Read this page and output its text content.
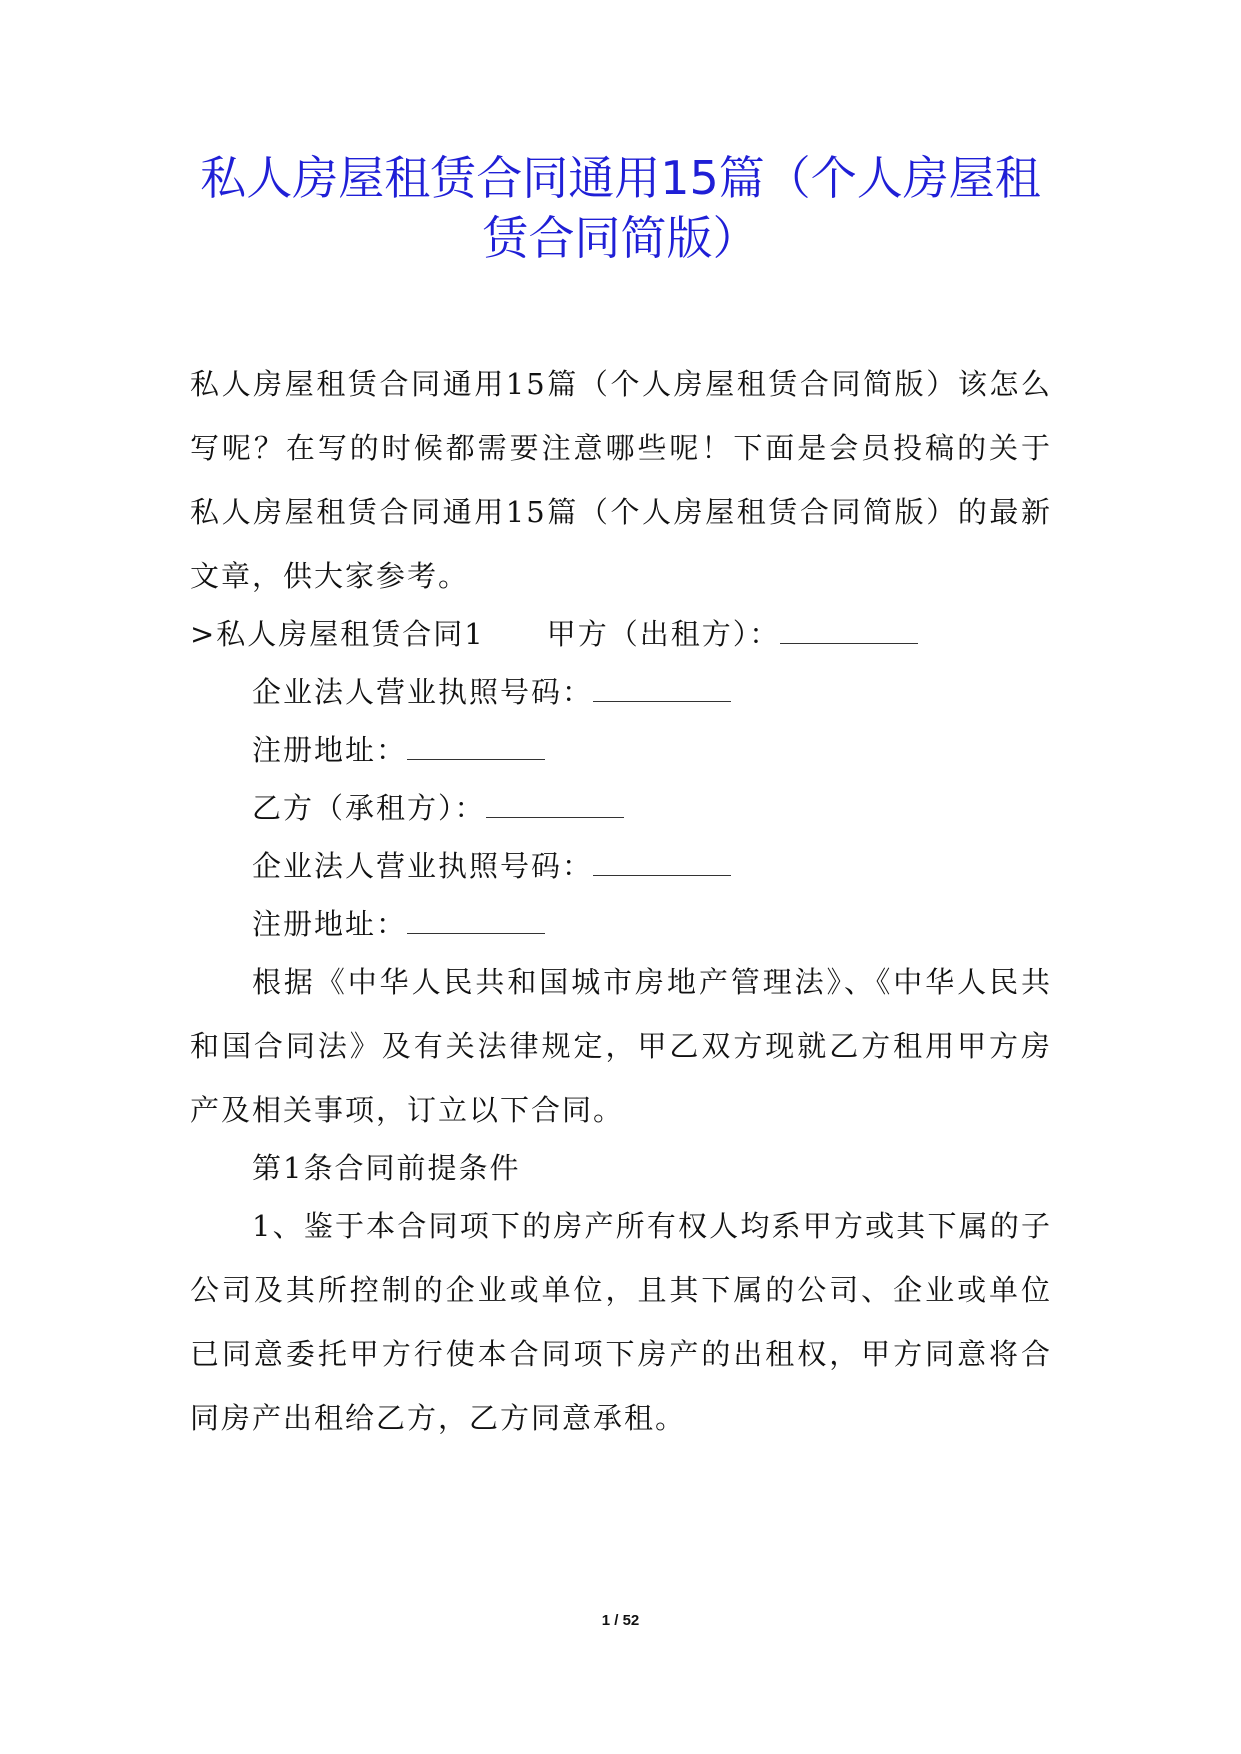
私人房屋租赁合同通用15篇（个人房屋租
赁合同简版）
私人房屋租赁合同通用15篇（个人房屋租赁合同简版）该怎么写呢？在写的时候都需要注意哪些呢！下面是会员投稿的关于私人房屋租赁合同通用15篇（个人房屋租赁合同简版）的最新文章，供大家参考。
>私人房屋租赁合同1 甲方（出租方）：
企业法人营业执照号码：
注册地址：
乙方（承租方）：
企业法人营业执照号码：
注册地址：
根据《中华人民共和国城市房地产管理法》、《中华人民共和国合同法》及有关法律规定，甲乙双方现就乙方租用甲方房产及相关事项，订立以下合同。
第1条合同前提条件
1、鉴于本合同项下的房产所有权人均系甲方或其下属的子公司及其所控制的企业或单位，且其下属的公司、企业或单位已同意委托甲方行使本合同项下房产的出租权，甲方同意将合同房产出租给乙方，乙方同意承租。
1 / 52
